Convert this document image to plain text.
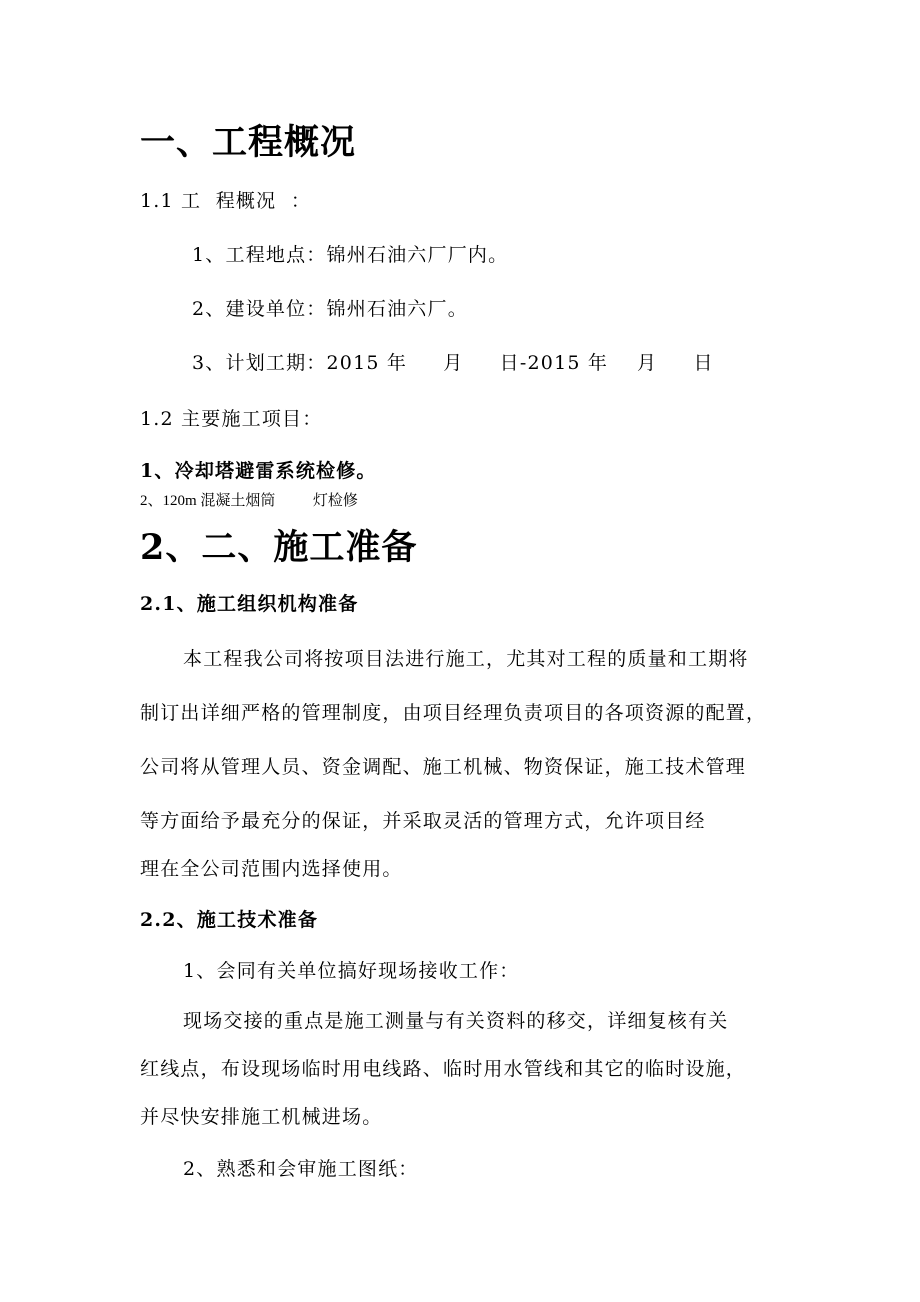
一、工程概况
1.1 工  程概况  ：
1、工程地点：锦州石油六厂厂内。
2、建设单位：锦州石油六厂。
3、计划工期：2015 年     月     日-2015 年    月     日
1.2 主要施工项目：
1、冷却塔避雷系统检修。
2、120m 混凝土烟筒          灯检修
2、二、施工准备
2.1、施工组织机构准备
本工程我公司将按项目法进行施工，尤其对工程的质量和工期将
制订出详细严格的管理制度，由项目经理负责项目的各项资源的配置，
公司将从管理人员、资金调配、施工机械、物资保证，施工技术管理
等方面给予最充分的保证，并采取灵活的管理方式，允许项目经
理在全公司范围内选择使用。
2.2、施工技术准备
1、会同有关单位搞好现场接收工作：
现场交接的重点是施工测量与有关资料的移交，详细复核有关
红线点，布设现场临时用电线路、临时用水管线和其它的临时设施，
并尽快安排施工机械进场。
2、熟悉和会审施工图纸：
